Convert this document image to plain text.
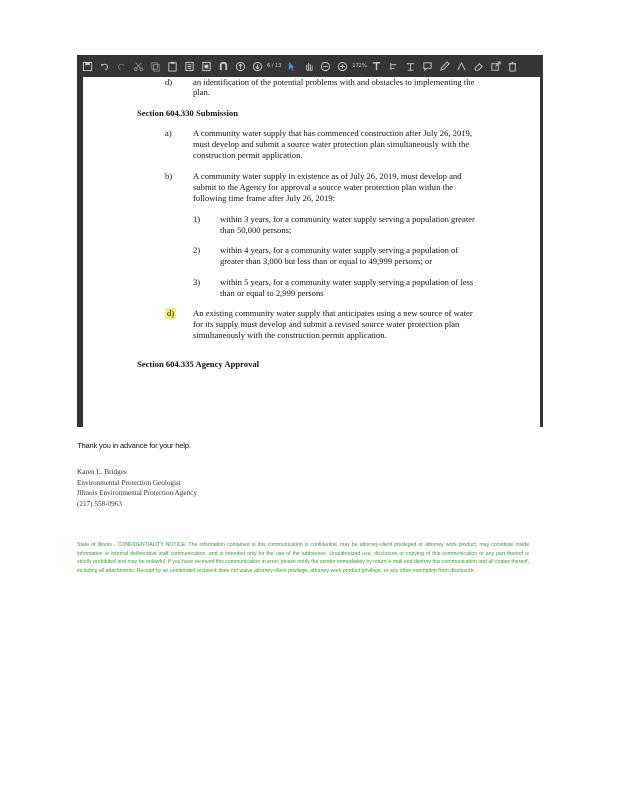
6 / 13	172%
d) an identification of the potential problems with and obstacles to implementing the
plan.
Section 604.330 Submission
a) A community water supply that has commenced construction after July 26, 2019,
must develop and submit a source water protection plan simultaneously with the
construction permit application.
b) A community water supply in existence as of July 26, 2019, must develop and
submit to the Agency for approval a source water protection plan within the
following time frame after July 26, 2019:
1) within 3 years, for a community water supply serving a population greater
than 50,000 persons;
2) within 4 years, for a community water supply serving a population of
greater than 3,000 but less than or equal to 49,999 persons; or
3) within 5 years, for a community water supply serving a population of less
than or equal to 2,999 persons
d) An existing community water supply that anticipates using a new source of water
for its supply must develop and submit a revised source water protection plan
simultaneously with the construction permit application.
Section 604.335 Agency Approval
Thank you in advance for your help.
Karen L. Bridges
Environmental Protection Geologist
Illinois Environmental Protection Agency
(217) 558-0963
State of Illinois - CONFIDENTIALITY NOTICE: The information contained in this communication is confidential, may be attorney-client privileged or attorney work product, may constitute inside information or internal deliberative staff communication, and is intended only for the use of the addressee. Unauthorized use, disclosure or copying of this communication or any part thereof is strictly prohibited and may be unlawful. If you have received this communication in error, please notify the sender immediately by return e-mail and destroy this communication and all copies thereof, including all attachments. Receipt by an unintended recipient does not waive attorney-client privilege, attorney work product privilege, or any other exemption from disclosure.
